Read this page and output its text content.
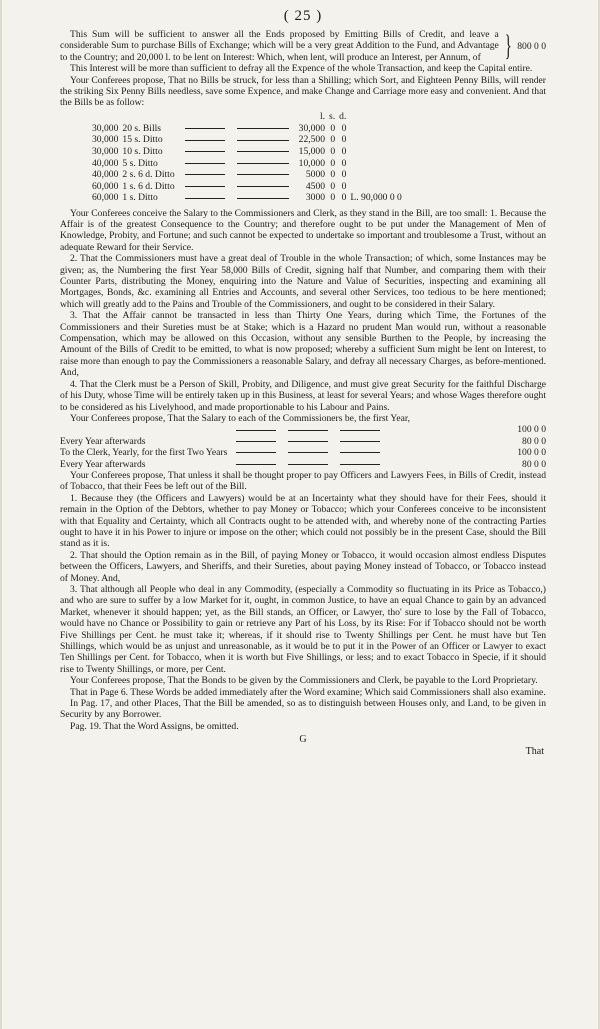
( 25 )

This Sum will be sufficient to answer all the Ends proposed by Emitting Bills of Credit, and leave a considerable Sum to purchase Bills of Exchange; which will be a very great Addition to the Fund, and Advantage to the Country; and 20,000 l. to be lent on Interest: Which, when lent, will produce an Interest, per Annum, of } 800 0 0

This Interest will be more than sufficient to defray all the Expence of the whole Transaction, and keep the Capital entire.

Your Conferees propose, That no Bills be struck, for less than a Shilling; which Sort, and Eighteen Penny Bills, will render the striking Six Penny Bills needless, save some Expence, and make Change and Carriage more easy and convenient. And that the Bills be as follow:

			l.	s.	d.	
30,000	20 s. Bills		30,000	0	0	
30,000	15 s. Ditto		22,500	0	0	
30,000	10 s. Ditto		15,000	0	0	
40,000	5 s. Ditto		10,000	0	0	
40,000	2 s. 6 d. Ditto		5000	0	0	
60,000	1 s. 6 d. Ditto		4500	0	0	
60,000	1 s. Ditto		3000	0	0	L. 90,000 0 0

Your Conferees conceive the Salary to the Commissioners and Clerk, as they stand in the Bill, are too small: 1. Because the Affair is of the greatest Consequence to the Country; and therefore ought to be put under the Management of Men of Knowledge, Probity, and Fortune; and such cannot be expected to undertake so important and troublesome a Trust, without an adequate Reward for their Service.

2. That the Commissioners must have a great deal of Trouble in the whole Transaction; of which, some Instances may be given; as, the Numbering the first Year 58,000 Bills of Credit, signing half that Number, and comparing them with their Counter Parts, distributing the Money, enquiring into the Nature and Value of Securities, inspecting and examining all Mortgages, Bonds, &c. examining all Entries and Accounts, and several other Services, too tedious to be here mentioned; which will greatly add to the Pains and Trouble of the Commissioners, and ought to be considered in their Salary.

3. That the Affair cannot be transacted in less than Thirty One Years, during which Time, the Fortunes of the Commissioners and their Sureties must be at Stake; which is a Hazard no prudent Man would run, without a reasonable Compensation, which may be allowed on this Occasion, without any sensible Burthen to the People, by increasing the Amount of the Bills of Credit to be emitted, to what is now proposed; whereby a sufficient Sum might be lent on Interest, to raise more than enough to pay the Commissioners a reasonable Salary, and defray all necessary Charges, as before-mentioned. And,

4. That the Clerk must be a Person of Skill, Probity, and Diligence, and must give great Security for the faithful Discharge of his Duty, whose Time will be entirely taken up in this Business, at least for several Years; and whose Wages therefore ought to be considered as his Livelyhood, and made proportionable to his Labour and Pains.

Your Conferees propose, That the Salary to each of the Commissioners be, the first Year,

100 0 0
Every Year afterwards	80 0 0
To the Clerk, Yearly, for the first Two Years	100 0 0
Every Year afterwards	80 0 0

Your Conferees propose, That unless it shall be thought proper to pay Officers and Lawyers Fees, in Bills of Credit, instead of Tobacco, that their Fees be left out of the Bill.

1. Because they (the Officers and Lawyers) would be at an Incertainty what they should have for their Fees, should it remain in the Option of the Debtors, whether to pay Money or Tobacco; which your Conferees conceive to be inconsistent with that Equality and Certainty, which all Contracts ought to be attended with, and whereby none of the contracting Parties ought to have it in his Power to injure or impose on the other; which could not possibly be in the present Case, should the Bill stand as it is.

2. That should the Option remain as in the Bill, of paying Money or Tobacco, it would occasion almost endless Disputes between the Officers, Lawyers, and Sheriffs, and their Sureties, about paying Money instead of Tobacco, or Tobacco instead of Money. And,

3. That although all People who deal in any Commodity, (especially a Commodity so fluctuating in its Price as Tobacco,) and who are sure to suffer by a low Market for it, ought, in common Justice, to have an equal Chance to gain by an advanced Market, whenever it should happen; yet, as the Bill stands, an Officer, or Lawyer, tho' sure to lose by the Fall of Tobacco, would have no Chance or Possibility to gain or retrieve any Part of his Loss, by its Rise: For if Tobacco should not be worth Five Shillings per Cent. he must take it; whereas, if it should rise to Twenty Shillings per Cent. he must have but Ten Shillings, which would be as unjust and unreasonable, as it would be to put it in the Power of an Officer or Lawyer to exact Ten Shillings per Cent. for Tobacco, when it is worth but Five Shillings, or less; and to exact Tobacco in Specie, if it should rise to Twenty Shillings, or more, per Cent.

Your Conferees propose, That the Bonds to be given by the Commissioners and Clerk, be payable to the Lord Proprietary.

That in Page 6. These Words be added immediately after the Word examine; Which said Commissioners shall also examine.

In Pag. 17, and other Places, That the Bill be amended, so as to distinguish between Houses only, and Land, to be given in Security by any Borrower.

Pag. 19. That the Word Assigns, be omitted.

G
That
